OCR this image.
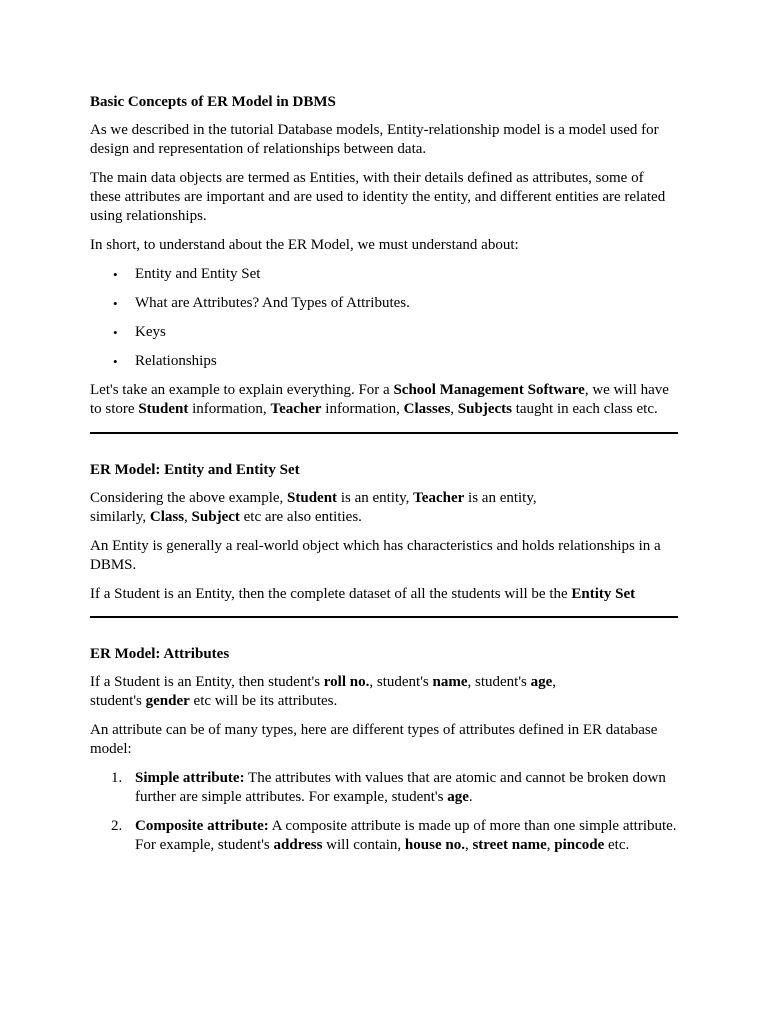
Basic Concepts of ER Model in DBMS

As we described in the tutorial Database models, Entity-relationship model is a model used for design and representation of relationships between data.

The main data objects are termed as Entities, with their details defined as attributes, some of these attributes are important and are used to identity the entity, and different entities are related using relationships.

In short, to understand about the ER Model, we must understand about:

• Entity and Entity Set
• What are Attributes? And Types of Attributes.
• Keys
• Relationships

Let's take an example to explain everything. For a School Management Software, we will have to store Student information, Teacher information, Classes, Subjects taught in each class etc.

ER Model: Entity and Entity Set

Considering the above example, Student is an entity, Teacher is an entity,
similarly, Class, Subject etc are also entities.

An Entity is generally a real-world object which has characteristics and holds relationships in a DBMS.

If a Student is an Entity, then the complete dataset of all the students will be the Entity Set

ER Model: Attributes

If a Student is an Entity, then student's roll no., student's name, student's age,
student's gender etc will be its attributes.

An attribute can be of many types, here are different types of attributes defined in ER database model:

1. Simple attribute: The attributes with values that are atomic and cannot be broken down further are simple attributes. For example, student's age.
2. Composite attribute: A composite attribute is made up of more than one simple attribute. For example, student's address will contain, house no., street name, pincode etc.
